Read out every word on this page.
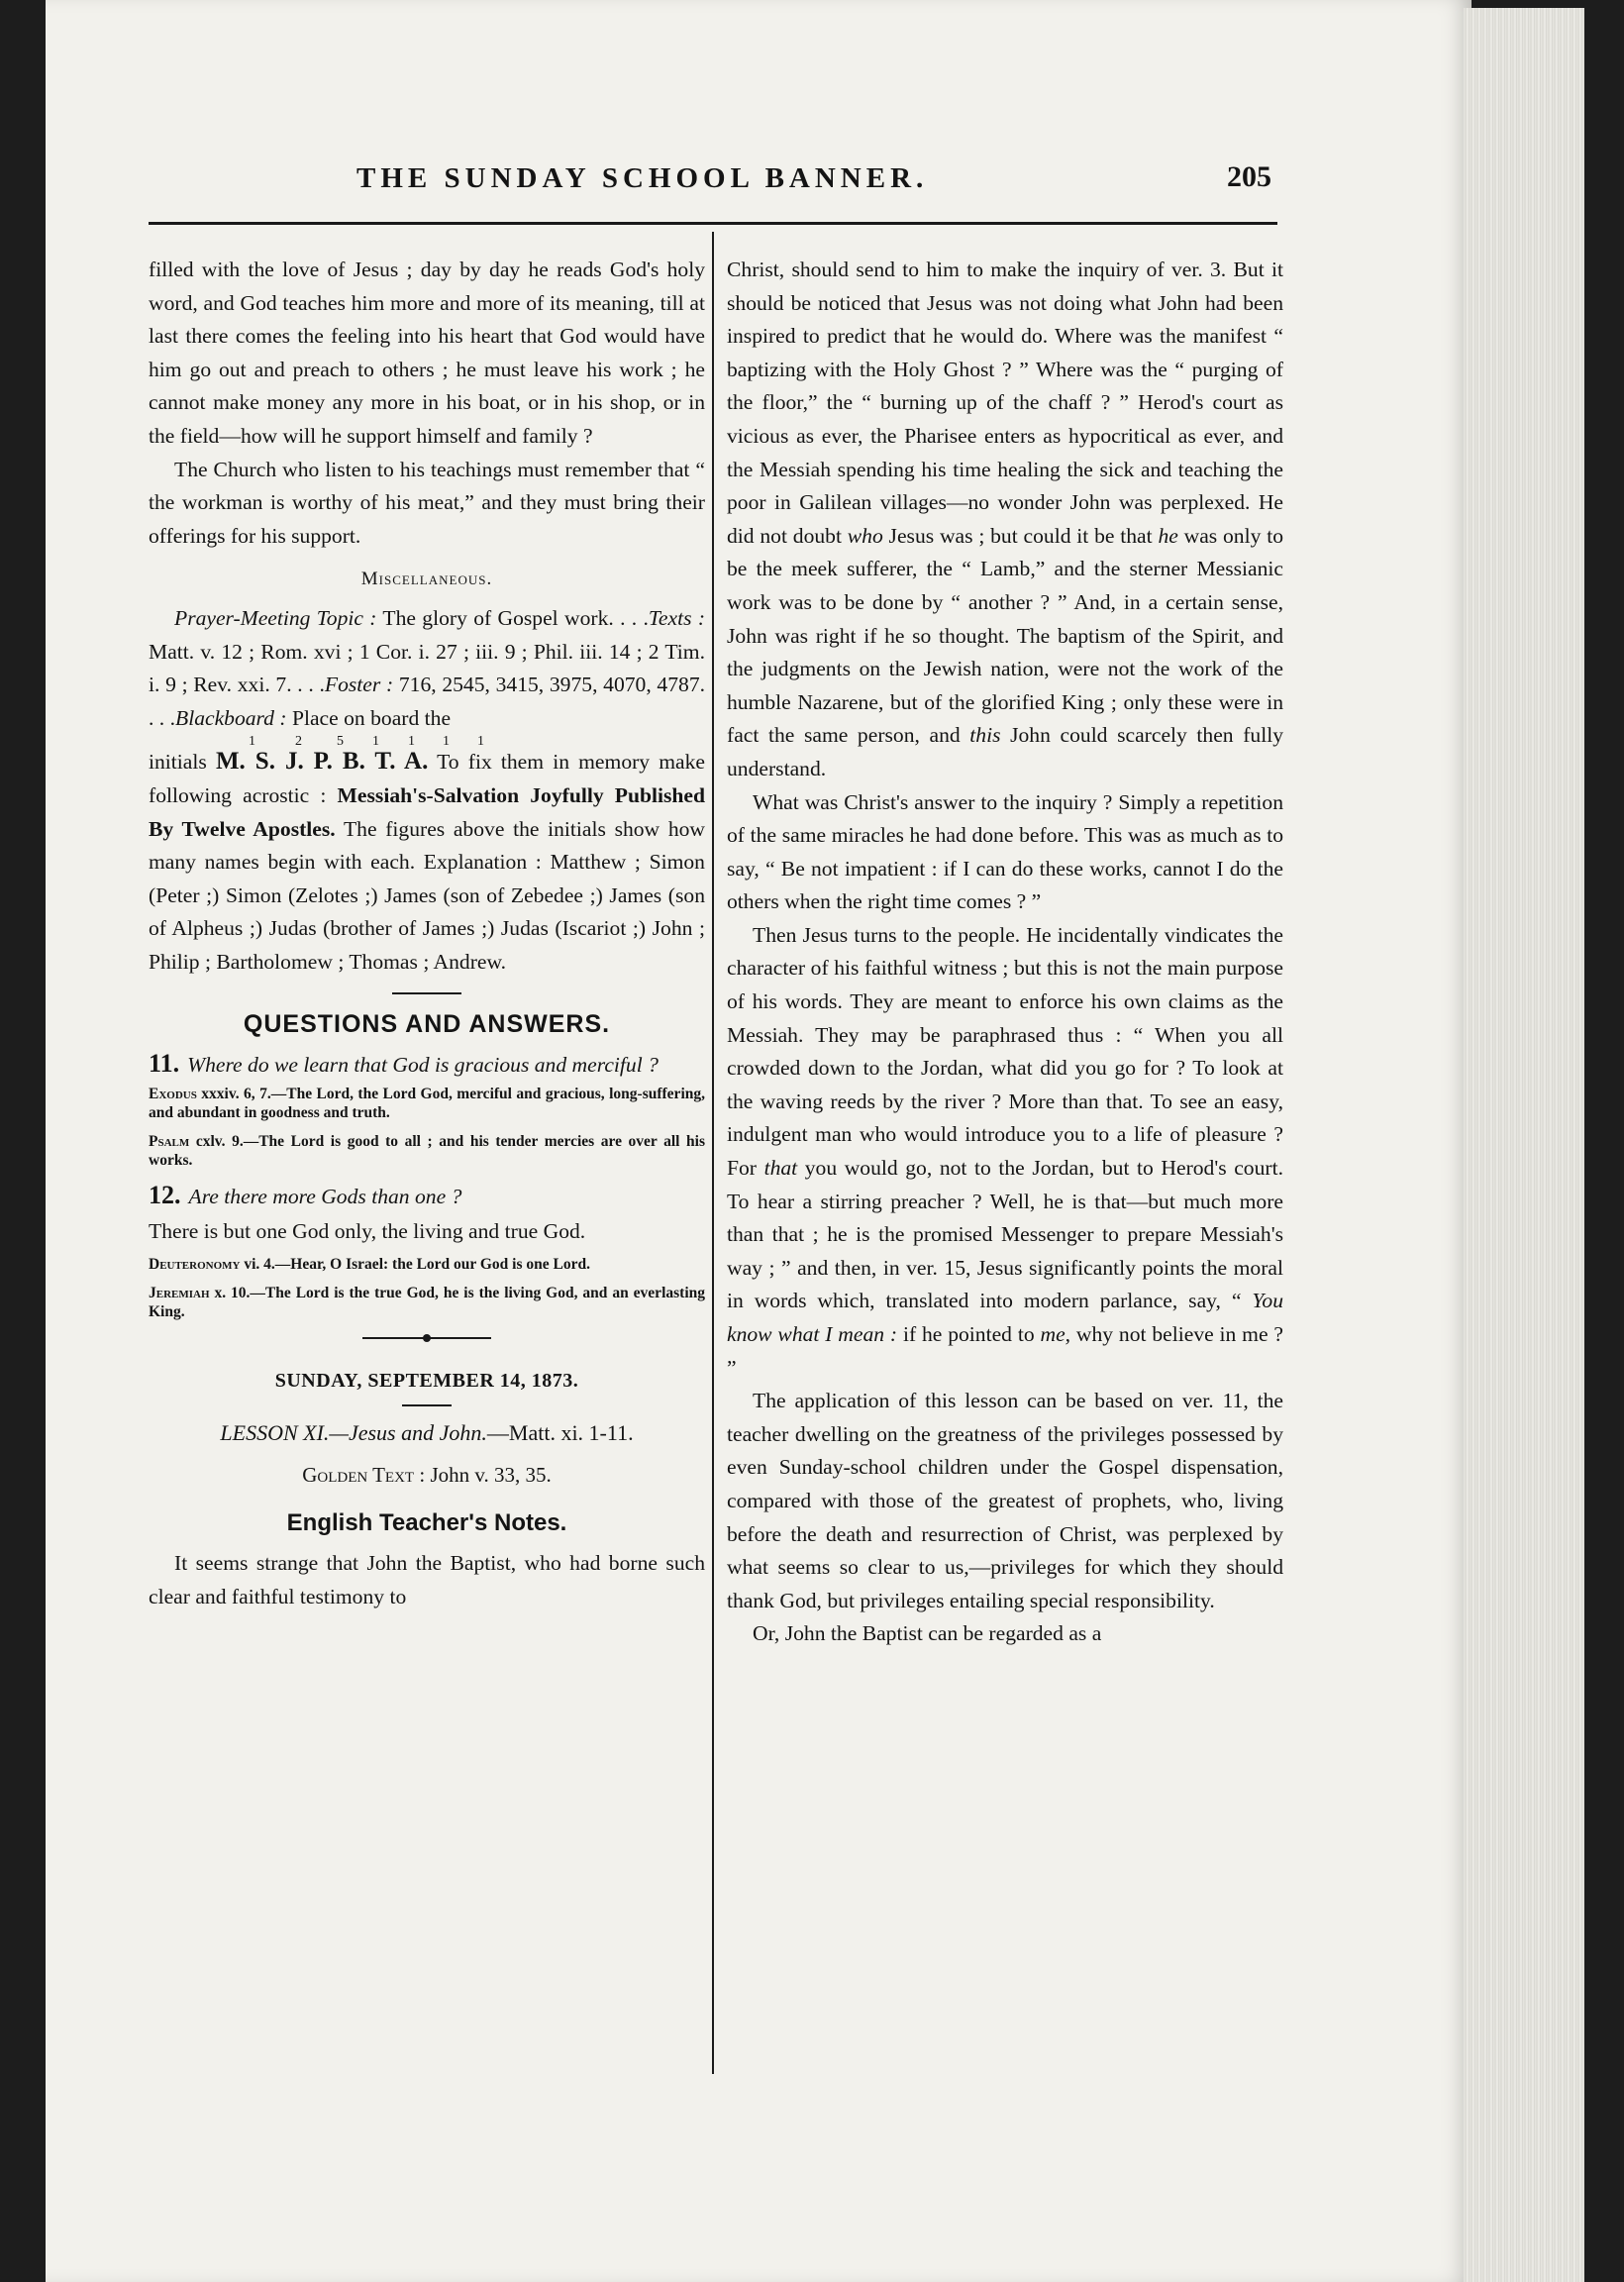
THE SUNDAY SCHOOL BANNER.	205

filled with the love of Jesus ; day by day he reads God's holy word, and God teaches him more and more of its meaning, till at last there comes the feeling into his heart that God would have him go out and preach to others ; he must leave his work ; he cannot make money any more in his boat, or in his shop, or in the field—how will he support himself and family ?

The Church who listen to his teachings must remember that “ the workman is worthy of his meat,” and they must bring their offerings for his support.

Miscellaneous.

Prayer-Meeting Topic : The glory of Gospel work. . . .Texts : Matt. v. 12 ; Rom. xvi ; 1 Cor. i. 27 ; iii. 9 ; Phil. iii. 14 ; 2 Tim. i. 9 ; Rev. xxi. 7. . . .Foster : 716, 2545, 3415, 3975, 4070, 4787. . . .Blackboard : Place on board the

1	2	5 1 1 1 1

initials M. S. J. P. B. T. A. To fix them in memory make following acrostic : Messiah's-Salvation Joyfully Published By Twelve Apostles. The figures above the initials show how many names begin with each. Explanation : Matthew ; Simon (Peter ;) Simon (Zelotes ;) James (son of Zebedee ;) James (son of Alpheus ;) Judas (brother of James ;) Judas (Iscariot ;) John ; Philip ; Bartholomew ; Thomas ; Andrew.

QUESTIONS AND ANSWERS.
11. Where do we learn that God is gracious and merciful ?
Exodus xxxiv. 6, 7.—The Lord, the Lord God, merciful and gracious, long-suffering, and abundant in goodness and truth.
Psalm cxlv. 9.—The Lord is good to all ; and his tender mercies are over all his works.
12. Are there more Gods than one ?
There is but one God only, the living and true God.
Deuteronomy vi. 4.—Hear, O Israel: the Lord our God is one Lord.
Jeremiah x. 10.—The Lord is the true God, he is the living God, and an everlasting King.
SUNDAY, SEPTEMBER 14, 1873.
LESSON XI.—Jesus and John.—Matt. xi. 1-11.
Golden Text : John v. 33, 35.
English Teacher's Notes.

It seems strange that John the Baptist, who had borne such clear and faithful testimony to

Christ, should send to him to make the inquiry of ver. 3. But it should be noticed that Jesus was not doing what John had been inspired to predict that he would do. Where was the manifest “ baptizing with the Holy Ghost ? ” Where was the “ purging of the floor,” the “ burning up of the chaff ? ” Herod's court as vicious as ever, the Pharisee enters as hypocritical as ever, and the Messiah spending his time healing the sick and teaching the poor in Galilean villages—no wonder John was perplexed. He did not doubt who Jesus was ; but could it be that he was only to be the meek sufferer, the “ Lamb,” and the sterner Messianic work was to be done by “ another ? ” And, in a certain sense, John was right if he so thought. The baptism of the Spirit, and the judgments on the Jewish nation, were not the work of the humble Nazarene, but of the glorified King ; only these were in fact the same person, and this John could scarcely then fully understand.

What was Christ's answer to the inquiry ? Simply a repetition of the same miracles he had done before. This was as much as to say, “ Be not impatient : if I can do these works, cannot I do the others when the right time comes ? ”

Then Jesus turns to the people. He incidentally vindicates the character of his faithful witness ; but this is not the main purpose of his words. They are meant to enforce his own claims as the Messiah. They may be paraphrased thus : “ When you all crowded down to the Jordan, what did you go for ? To look at the waving reeds by the river ? More than that. To see an easy, indulgent man who would introduce you to a life of pleasure ? For that you would go, not to the Jordan, but to Herod's court. To hear a stirring preacher ? Well, he is that—but much more than that ; he is the promised Messenger to prepare Messiah's way ; ” and then, in ver. 15, Jesus significantly points the moral in words which, translated into modern parlance, say, “ You know what I mean : if he pointed to me, why not believe in me ? ”

The application of this lesson can be based on ver. 11, the teacher dwelling on the greatness of the privileges possessed by even Sunday-school children under the Gospel dispensation, compared with those of the greatest of prophets, who, living before the death and resurrection of Christ, was perplexed by what seems so clear to us,—privileges for which they should thank God, but privileges entailing special responsibility.

Or, John the Baptist can be regarded as a
